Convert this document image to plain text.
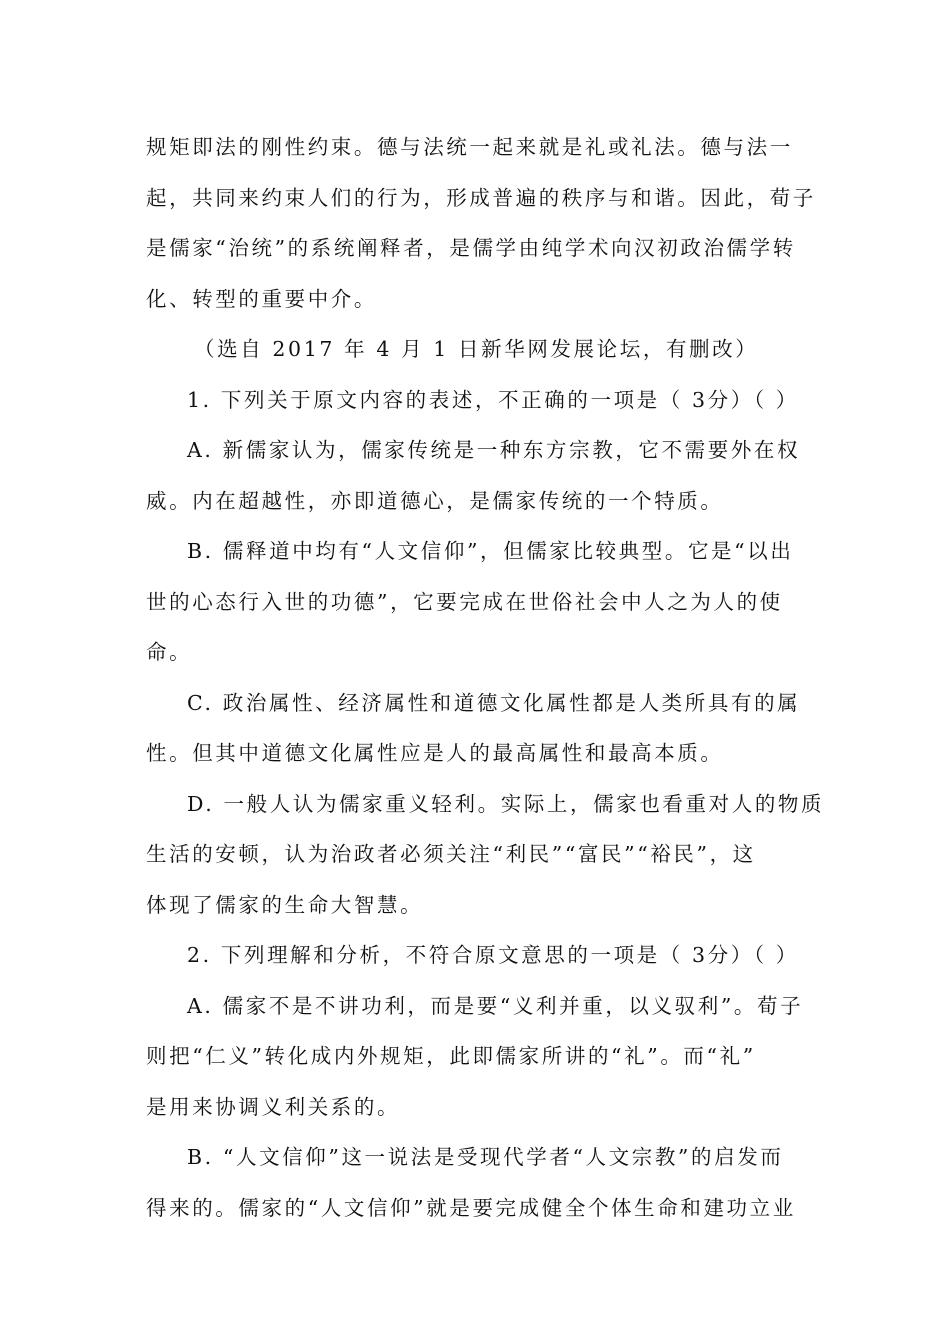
规矩即法的刚性约束。德与法统一起来就是礼或礼法。德与法一
起，共同来约束人们的行为，形成普遍的秩序与和谐。因此，荀子
是儒家“治统”的系统阐释者，是儒学由纯学术向汉初政治儒学转
化、转型的重要中介。
（选自 2017 年 4 月 1 日新华网发展论坛，有删改）
1. 下列关于原文内容的表述，不正确的一项是（ 3分）（ ）
A. 新儒家认为，儒家传统是一种东方宗教，它不需要外在权
威。内在超越性，亦即道德心，是儒家传统的一个特质。
B. 儒释道中均有“人文信仰”，但儒家比较典型。它是“以出
世的心态行入世的功德”，它要完成在世俗社会中人之为人的使
命。
C. 政治属性、经济属性和道德文化属性都是人类所具有的属
性。但其中道德文化属性应是人的最高属性和最高本质。
D. 一般人认为儒家重义轻利。实际上，儒家也看重对人的物质
生活的安顿，认为治政者必须关注“利民”“富民”“裕民”，这
体现了儒家的生命大智慧。
2. 下列理解和分析，不符合原文意思的一项是（ 3分）（ ）
A. 儒家不是不讲功利，而是要“义利并重，以义驭利”。荀子
则把“仁义”转化成内外规矩，此即儒家所讲的“礼”。而“礼”
是用来协调义利关系的。
B. “人文信仰”这一说法是受现代学者“人文宗教”的启发而
得来的。儒家的“人文信仰”就是要完成健全个体生命和建功立业
